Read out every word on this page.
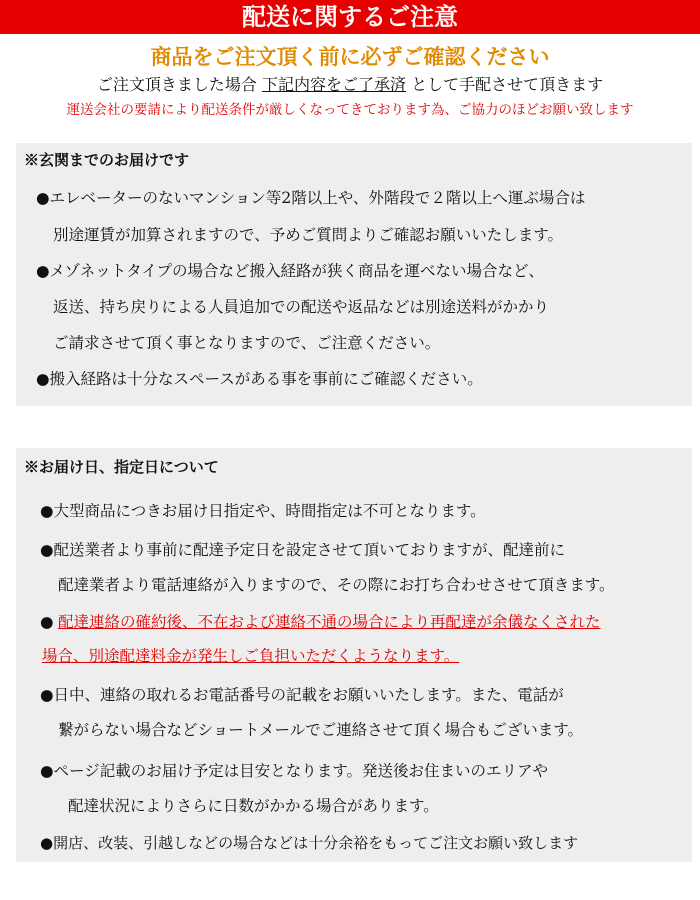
配送に関するご注意
商品をご注文頂く前に必ずご確認ください
ご注文頂きました場合 下記内容をご了承済 として手配させて頂きます
運送会社の要請により配送条件が厳しくなってきております為、ご協力のほどお願い致します
※玄関までのお届けです
●エレベーターのないマンション等2階以上や、外階段で２階以上へ運ぶ場合は
別途運賃が加算されますので、予めご質問よりご確認お願いいたします。
●メゾネットタイプの場合など搬入経路が狭く商品を運べない場合など、
返送、持ち戻りによる人員追加での配送や返品などは別途送料がかかり
ご請求させて頂く事となりますので、ご注意ください。
●搬入経路は十分なスペースがある事を事前にご確認ください。
※お届け日、指定日について
●大型商品につきお届け日指定や、時間指定は不可となります。
●配送業者より事前に配達予定日を設定させて頂いておりますが、配達前に
配達業者より電話連絡が入りますので、その際にお打ち合わせさせて頂きます。
● 配達連絡の確約後、不在および連絡不通の場合により再配達が余儀なくされた
場合、別途配達料金が発生しご負担いただくようなります。
●日中、連絡の取れるお電話番号の記載をお願いいたします。また、電話が
繋がらない場合などショートメールでご連絡させて頂く場合もございます。
●ページ記載のお届け予定は目安となります。発送後お住まいのエリアや
配達状況によりさらに日数がかかる場合があります。
●開店、改装、引越しなどの場合などは十分余裕をもってご注文お願い致します
